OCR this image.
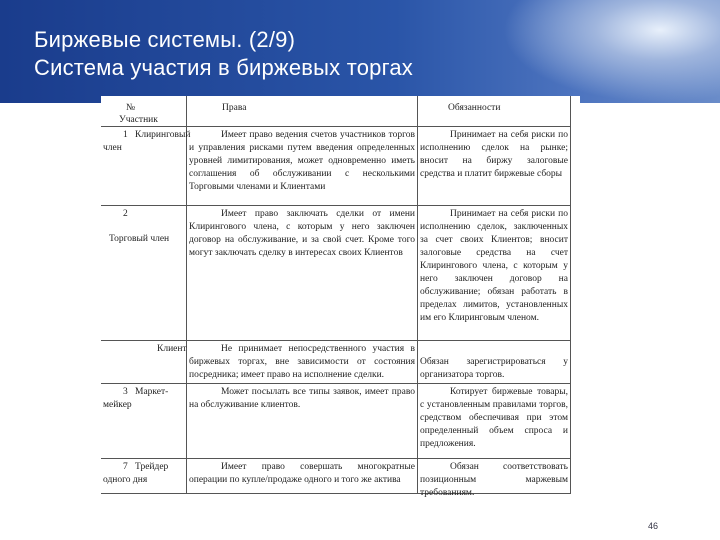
Биржевые системы. (2/9)
Система участия в биржевых торгах
№
Участник
Права	Обязанности
1 Клиринговый член
Имеет право ведения счетов участников торгов и управления рисками путем введения определенных уровней лимитирования, может одновременно иметь соглашения об обслуживании с несколькими Торговыми членами и Клиентами
Принимает на себя риски по исполнению сделок на рынке; вносит на биржу залоговые средства и платит биржевые сборы
2
Торговый член
Имеет право заключать сделки от имени Клирингового члена, с которым у него заключен договор на обслуживание, и за свой счет. Кроме того могут заключать сделку в интересах своих Клиентов
Принимает на себя риски по исполнению сделок, заключенных за счет своих Клиентов; вносит залоговые средства на счет Клирингового члена, с которым у него заключен договор на обслуживание; обязан работать в пределах лимитов, установленных им его Клиринговым членом.
Клиент	Не принимает непосредственного участия в биржевых торгах, вне зависимости от состояния посредника; имеет право на исполнение сделки.
Обязан зарегистрироваться у организатора торгов.
3 Маркет-мейкер
Может посылать все типы заявок, имеет право на обслуживание клиентов.
Котирует биржевые товары, с установленным правилами торгов, средством обеспечивая при этом определенный объем спроса и предложения.
7 Трейдер одного дня
Имеет право совершать многократные операции по купле/продаже одного и того же актива
Обязан соответствовать позиционным маржевым требованиям.
46
